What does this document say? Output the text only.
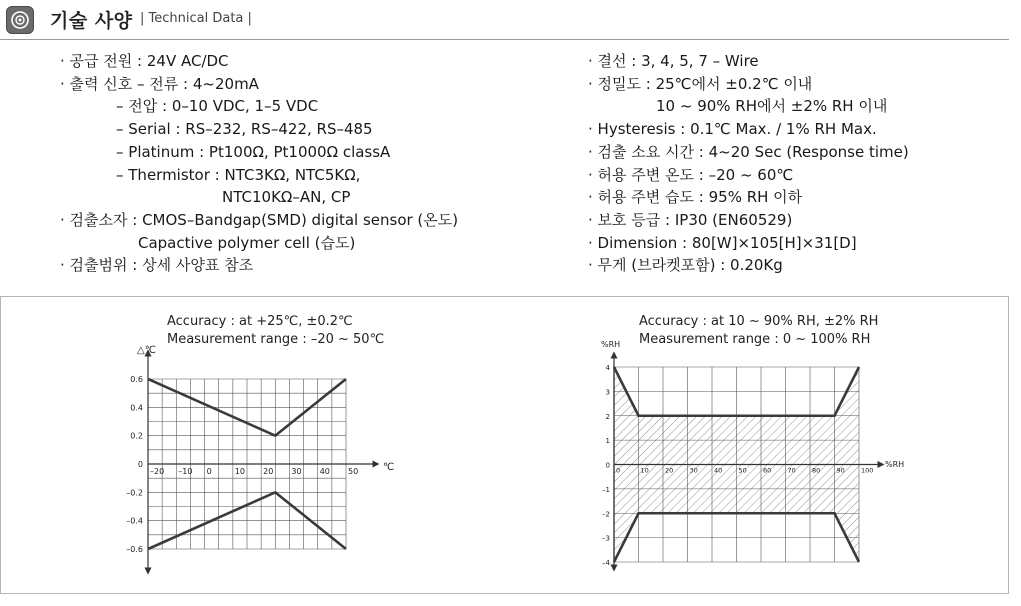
기술 사양 | Technical Data |
· 공급 전원 : 24V AC/DC
· 출력 신호 – 전류 : 4~20mA
– 전압 : 0–10 VDC, 1–5 VDC
– Serial : RS–232, RS–422, RS–485
– Platinum : Pt100Ω, Pt1000Ω classA
– Thermistor : NTC3KΩ, NTC5KΩ,
NTC10KΩ–AN, CP
· 검출소자 : CMOS–Bandgap(SMD) digital sensor (온도)
Capactive polymer cell (습도)
· 검출범위 : 상세 사양표 참조
· 결선 : 3, 4, 5, 7 – Wire
· 정밀도 : 25℃에서 ±0.2℃ 이내
10 ~ 90% RH에서 ±2% RH 이내
· Hysteresis : 0.1℃ Max. / 1% RH Max.
· 검출 소요 시간 : 4~20 Sec (Response time)
· 허용 주변 온도 : –20 ~ 60℃
· 허용 주변 습도 : 95% RH 이하
· 보호 등급 : IP30 (EN60529)
· Dimension : 80[W]×105[H]×31[D]
· 무게 (브라켓포함) : 0.20Kg
Accuracy : at +25℃, ±0.2℃
Measurement range : –20 ~ 50℃
△℃
℃
–20 –10 0	10 20 30 40 50
0.6
0.4
0.2
0
–0.2
–0.4
–0.6
Accuracy : at 10 ~ 90% RH, ±2% RH
Measurement range : 0 ~ 100% RH
%RH
%RH
0	10 20 30 40 50 60 70 80 90 100
4
3
2
1
0
–1
–2
–3
–4
